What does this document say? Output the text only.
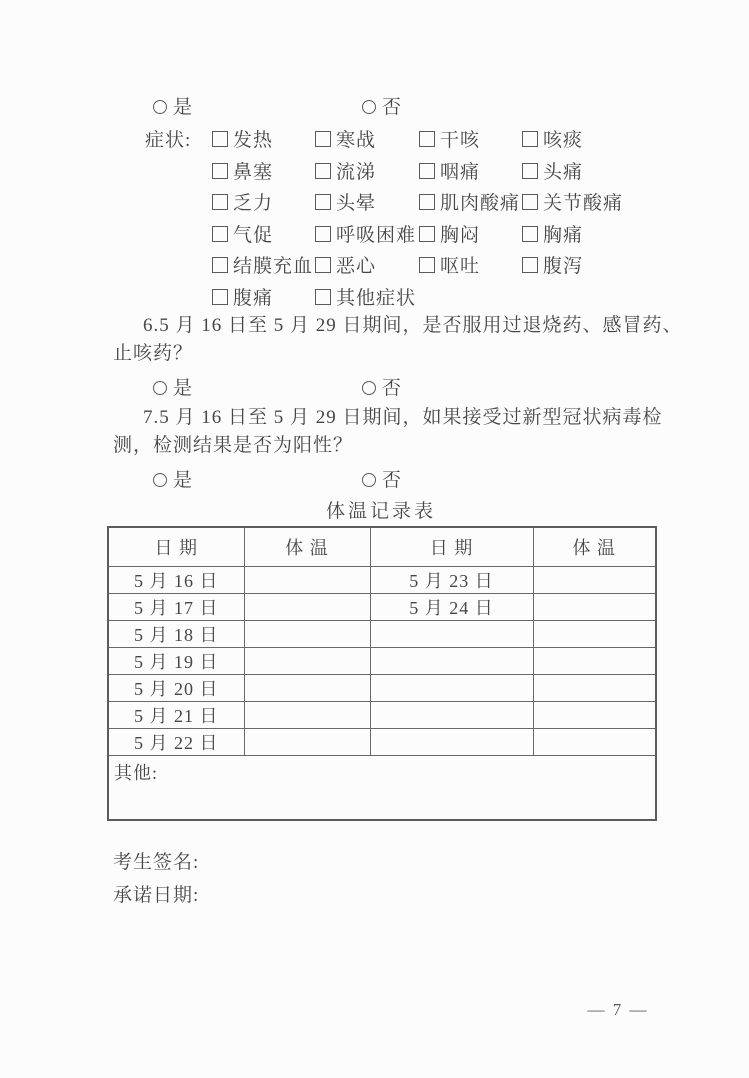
是	否
症状:	发热	寒战	干咳	咳痰
鼻塞	流涕	咽痛	头痛
乏力	头晕	肌肉酸痛	关节酸痛
气促	呼吸困难	胸闷	胸痛
结膜充血	恶心	呕吐	腹泻
腹痛	其他症状
6.5 月 16 日至 5 月 29 日期间，是否服用过退烧药、感冒药、
止咳药？
是	否
7.5 月 16 日至 5 月 29 日期间，如果接受过新型冠状病毒检
测，检测结果是否为阳性？
是	否
体温记录表
日 期	体 温	日 期	体 温
5 月 16 日		5 月 23 日	
5 月 17 日		5 月 24 日	
5 月 18 日			
5 月 19 日			
5 月 20 日			
5 月 21 日			
5 月 22 日			
其他:			
考生签名:
承诺日期:
— 7 —
